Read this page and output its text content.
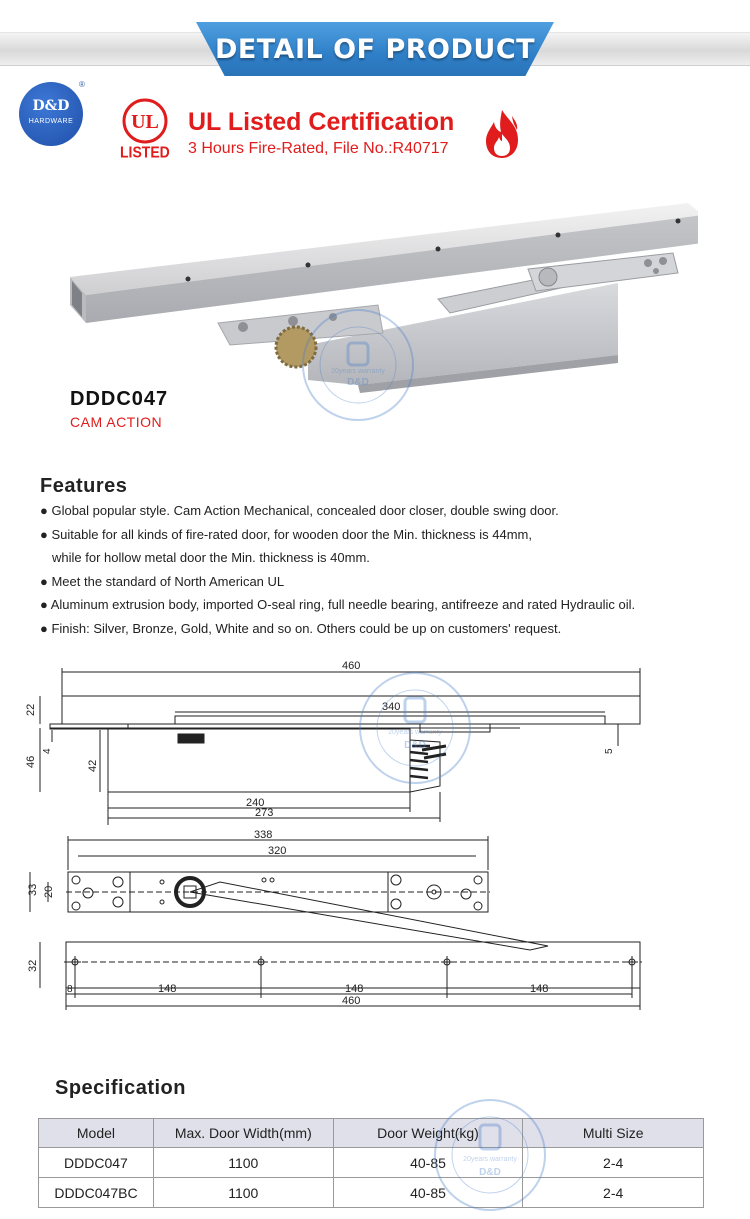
DETAIL OF PRODUCT
D&D
HARDWARE
®
UL
LISTED
UL Listed Certification
3 Hours Fire-Rated, File No.:R40717
20years warranty
D&D
DDDC047
CAM ACTION
Features
● Global popular style. Cam Action Mechanical, concealed door closer, double swing door.
● Suitable for all kinds of fire-rated door, for wooden door the Min. thickness is 44mm,
while for hollow metal door the Min. thickness is 40mm.
● Meet the standard of North American UL
● Aluminum extrusion body, imported O-seal ring, full needle bearing, antifreeze and rated Hydraulic oil.
● Finish: Silver, Bronze, Gold, White and so on. Others could be up on customers' request.
460
340
22
46
4
42
5
240
273
338
320
33 20
32
8	148	148	148
460
20years warranty
D&D
Specification
Model	Max. Door Width(mm)	Door Weight(kg)	Multi Size
DDDC047	1100	40-85	2-4
DDDC047BC	1100	40-85	2-4
20years warranty
D&D
